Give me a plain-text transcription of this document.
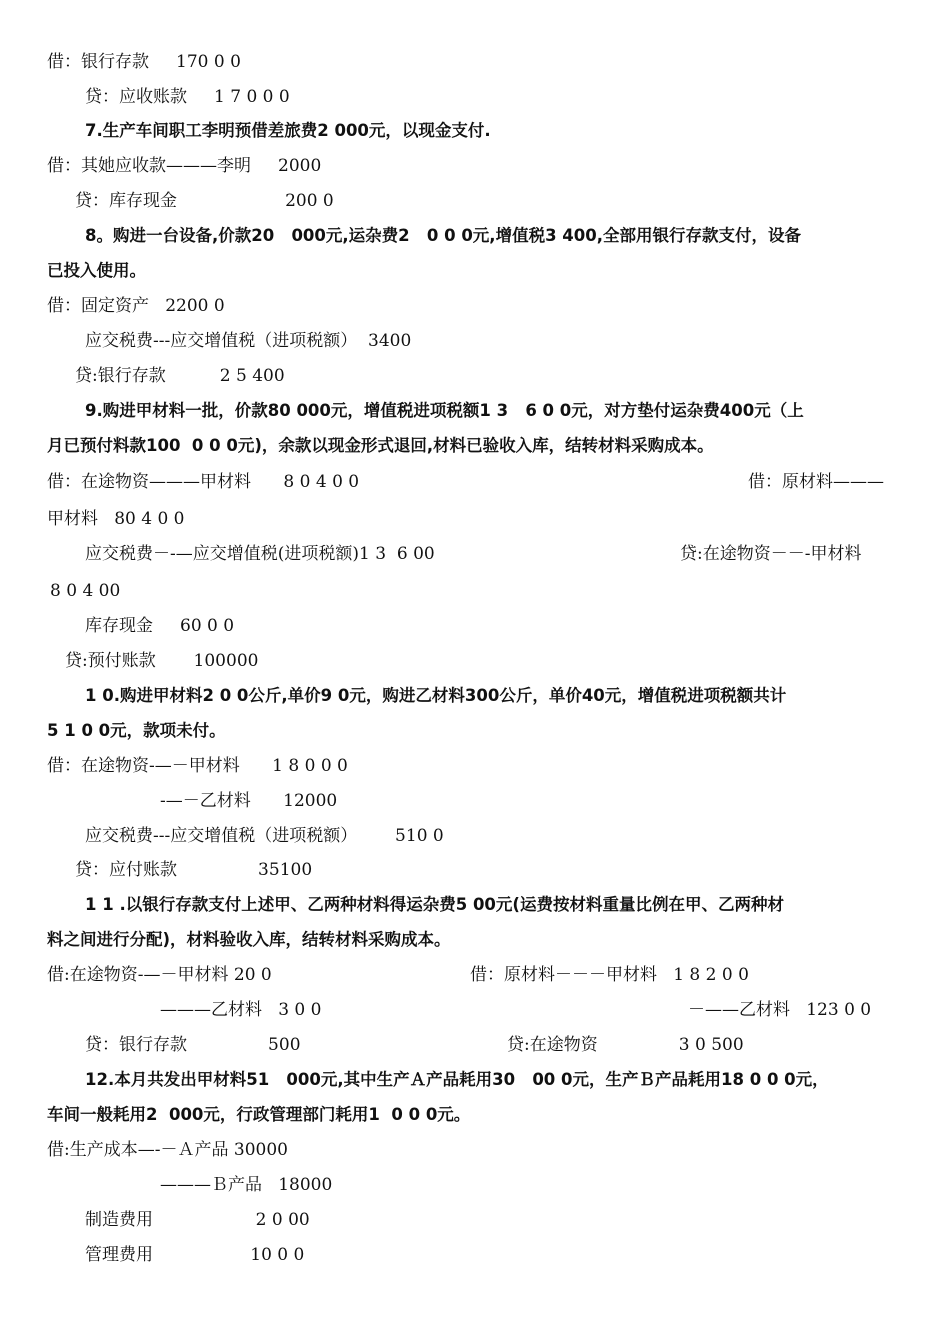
借：银行存款     170 0 0
贷：应收账款     1 7 0 0 0
7.生产车间职工李明预借差旅费2 000元，以现金支付.
借：其她应收款———李明     2000
贷：库存现金                    200 0
8。购进一台设备,价款20   000元,运杂费2   0 0 0元,增值税3 400,全部用银行存款支付，设备
已投入使用。
借：固定资产   2200 0
应交税费---应交增值税（进项税额）  3400
贷:银行存款          2 5 400
9.购进甲材料一批，价款80 000元，增值税进项税额1 3   6 0 0元，对方垫付运杂费400元（上
月已预付料款100  0 0 0元)，余款以现金形式退回,材料已验收入库，结转材料采购成本。
借：在途物资———甲材料      8 0 4 0 0	借：原材料———
甲材料   80 4 0 0
应交税费－-—应交增值税(进项税额)1 3  6 00	贷:在途物资－－-甲材料
8 0 4 00
库存现金     60 0 0
贷:预付账款       100000
1 0.购进甲材料2 0 0公斤,单价9 0元，购进乙材料300公斤，单价40元，增值税进项税额共计
5 1 0 0元，款项未付。
借：在途物资-—－甲材料      1 8 0 0 0
-—－乙材料      12000
应交税费---应交增值税（进项税额）       510 0
贷：应付账款               35100
1 1 .以银行存款支付上述甲、乙两种材料得运杂费5 00元(运费按材料重量比例在甲、乙两种材
料之间进行分配)，材料验收入库，结转材料采购成本。
借:在途物资-—－甲材料 20 0	借：原材料－－－甲材料   1 8 2 0 0
———乙材料   3 0 0	－——乙材料   123 0 0
贷：银行存款               500	贷:在途物资               3 0 500
12.本月共发出甲材料51   000元,其中生产Ａ产品耗用30   00 0元，生产Ｂ产品耗用18 0 0 0元，
车间一般耗用2  000元，行政管理部门耗用1  0 0 0元。
借:生产成本—-－Ａ产品 30000
———Ｂ产品   18000
制造费用                   2 0 00
管理费用                  10 0 0
